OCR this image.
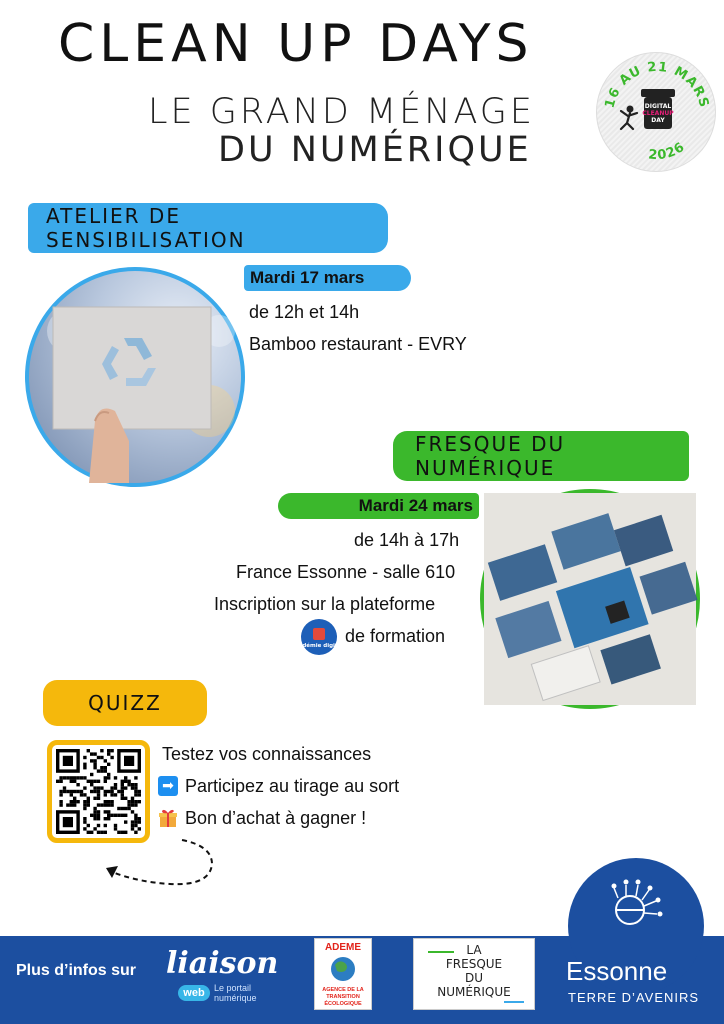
CLEAN UP DAYS
LE GRAND MÉNAGE
DU NUMÉRIQUE
16 AU 21 MARS
2026
DIGITAL
CLEANUP
DAY
ATELIER DE SENSIBILISATION
Mardi 17 mars
de 12h et 14h
Bamboo restaurant - EVRY
FRESQUE DU NUMÉRIQUE
Mardi 24 mars
de 14h à 17h
France Essonne - salle 610
Inscription sur la plateforme
Académie digitale
de formation
QUIZZ
Testez vos connaissances
➡ Participez au tirage au sort
Bon d’achat à gagner !
Essonne
TERRE D’AVENIRS
Plus d’infos sur liaison
web	Le portail
numérique
ADEME
AGENCE DE LA TRANSITION ÉCOLOGIQUE
LA
FRESQUE
DU
NUMÉRIQUE
